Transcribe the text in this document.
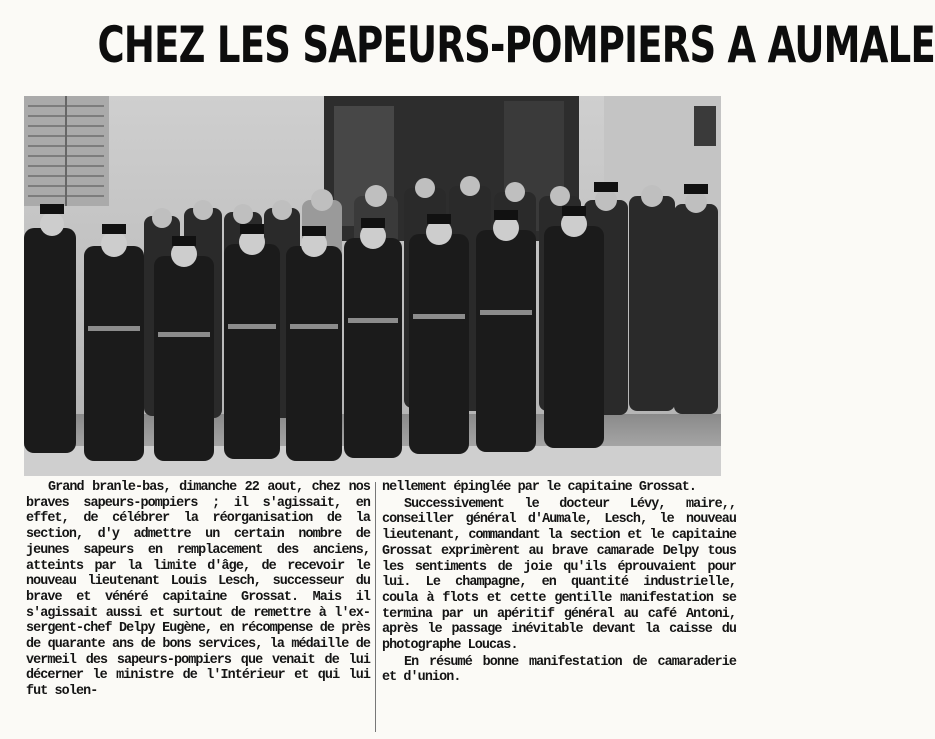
CHEZ LES SAPEURS-POMPIERS A AUMALE

Grand branle-bas, dimanche 22 aout, chez nos braves sapeurs-pompiers ; il s'agissait, en effet, de célébrer la réorganisation de la section, d'y admettre un certain nombre de jeunes sapeurs en remplacement des anciens, atteints par la limite d'âge, de recevoir le nouveau lieutenant Louis Lesch, successeur du brave et vénéré capitaine Grossat. Mais il s'agissait aussi et surtout de remettre à l'ex-sergent-chef Delpy Eugène, en récompense de près de quarante ans de bons services, la médaille de vermeil des sapeurs-pompiers que venait de lui décerner le ministre de l'Intérieur et qui lui fut solen-

nellement épinglée par le capitaine Grossat.

Successivement le docteur Lévy, maire,, conseiller général d'Aumale, Lesch, le nouveau lieutenant, commandant la section et le capitaine Grossat exprimèrent au brave camarade Delpy tous les sentiments de joie qu'ils éprouvaient pour lui. Le champagne, en quantité industrielle, coula à flots et cette gentille manifestation se termina par un apéritif général au café Antoni, après le passage inévitable devant la caisse du photographe Loucas.

En résumé bonne manifestation de camaraderie et d'union.
